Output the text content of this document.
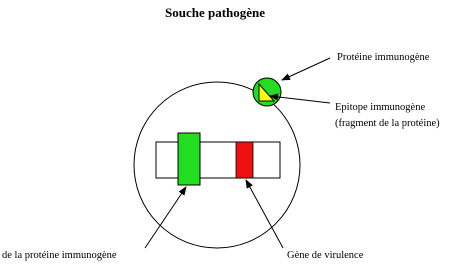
Souche pathogène
Protéine immunogène
Epitope immunogène
(fragment de la protéine)
de la protéine immunogène	Gène de virulence
